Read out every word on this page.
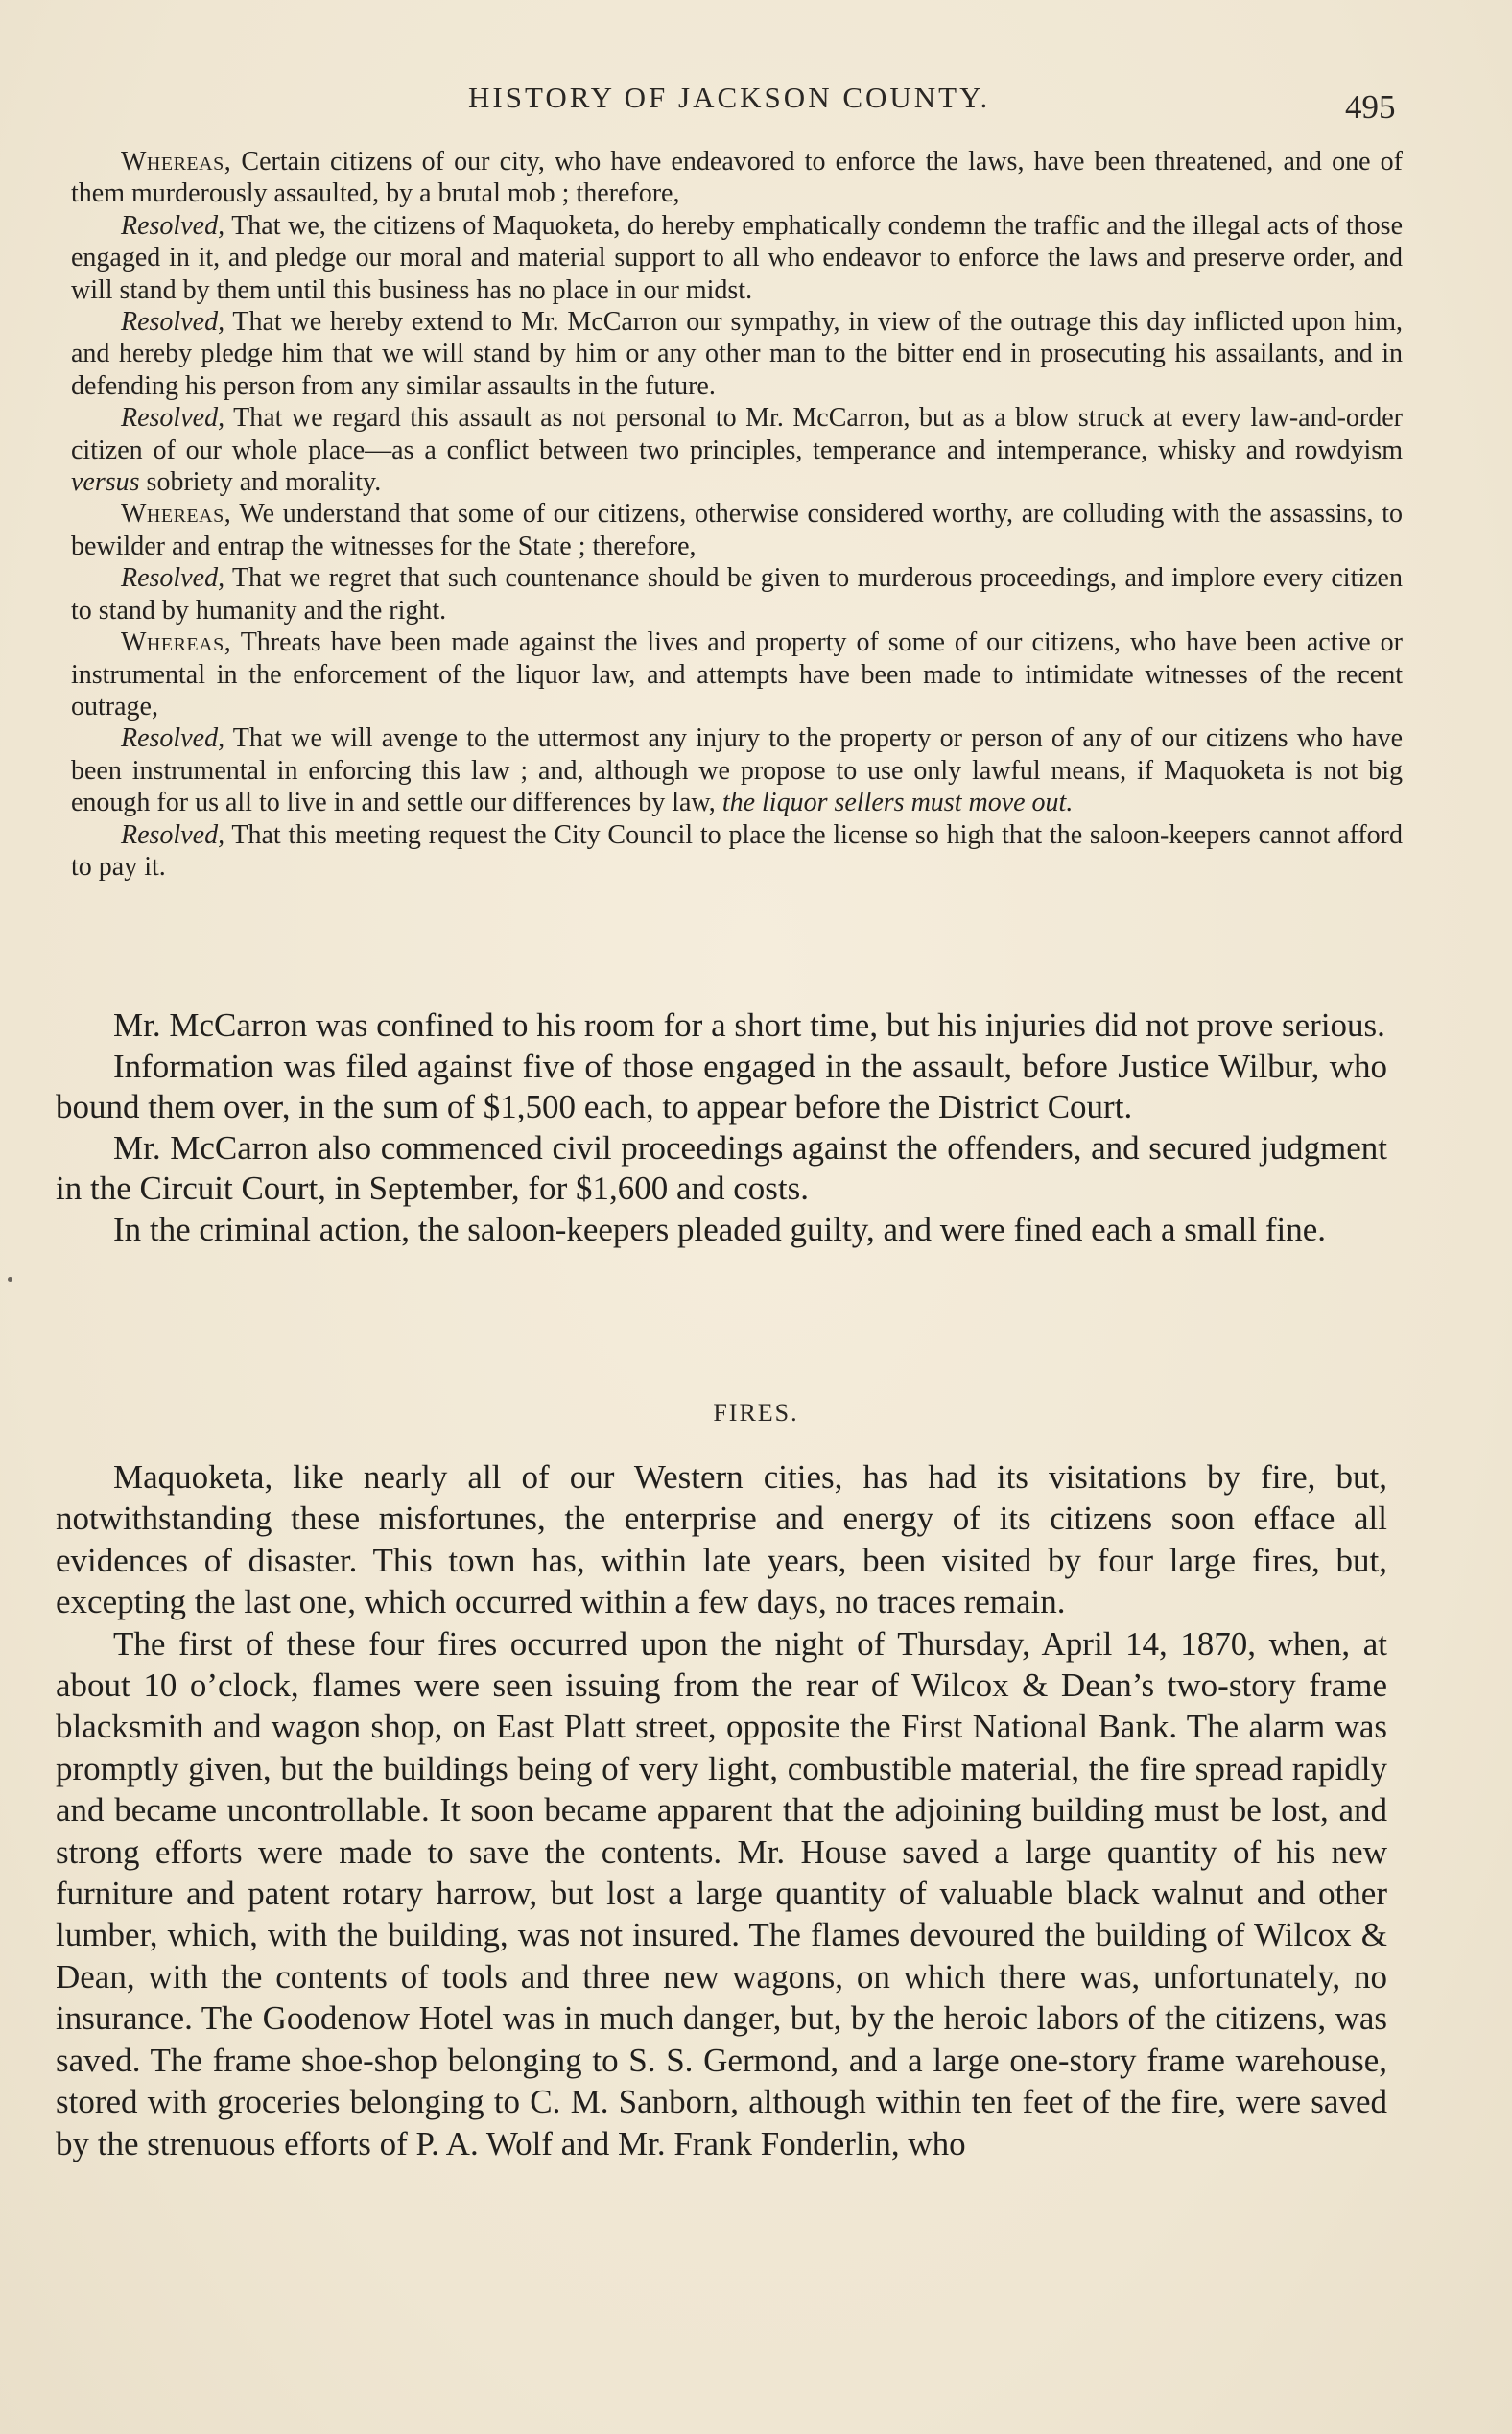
HISTORY OF JACKSON COUNTY.	495

Whereas, Certain citizens of our city, who have endeavored to enforce the laws, have been threatened, and one of them murderously assaulted, by a brutal mob ; therefore,

Resolved, That we, the citizens of Maquoketa, do hereby emphatically condemn the traffic and the illegal acts of those engaged in it, and pledge our moral and material support to all who endeavor to enforce the laws and preserve order, and will stand by them until this business has no place in our midst.

Resolved, That we hereby extend to Mr. McCarron our sympathy, in view of the outrage this day inflicted upon him, and hereby pledge him that we will stand by him or any other man to the bitter end in prosecuting his assailants, and in defending his person from any similar assaults in the future.

Resolved, That we regard this assault as not personal to Mr. McCarron, but as a blow struck at every law-and-order citizen of our whole place—as a conflict between two principles, temperance and intemperance, whisky and rowdyism versus sobriety and morality.

Whereas, We understand that some of our citizens, otherwise considered worthy, are colluding with the assassins, to bewilder and entrap the witnesses for the State ; therefore,

Resolved, That we regret that such countenance should be given to murderous proceedings, and implore every citizen to stand by humanity and the right.

Whereas, Threats have been made against the lives and property of some of our citizens, who have been active or instrumental in the enforcement of the liquor law, and attempts have been made to intimidate witnesses of the recent outrage,

Resolved, That we will avenge to the uttermost any injury to the property or person of any of our citizens who have been instrumental in enforcing this law ; and, although we propose to use only lawful means, if Maquoketa is not big enough for us all to live in and settle our differences by law, the liquor sellers must move out.

Resolved, That this meeting request the City Council to place the license so high that the saloon-keepers cannot afford to pay it.

Mr. McCarron was confined to his room for a short time, but his injuries did not prove serious.

Information was filed against five of those engaged in the assault, before Justice Wilbur, who bound them over, in the sum of $1,500 each, to appear before the District Court.

Mr. McCarron also commenced civil proceedings against the offenders, and secured judgment in the Circuit Court, in September, for $1,600 and costs.

In the criminal action, the saloon-keepers pleaded guilty, and were fined each a small fine.

FIRES.

Maquoketa, like nearly all of our Western cities, has had its visitations by fire, but, notwithstanding these misfortunes, the enterprise and energy of its citizens soon efface all evidences of disaster. This town has, within late years, been visited by four large fires, but, excepting the last one, which occurred within a few days, no traces remain.

The first of these four fires occurred upon the night of Thursday, April 14, 1870, when, at about 10 o’clock, flames were seen issuing from the rear of Wilcox & Dean’s two-story frame blacksmith and wagon shop, on East Platt street, opposite the First National Bank. The alarm was promptly given, but the buildings being of very light, combustible material, the fire spread rapidly and became uncontrollable. It soon became apparent that the adjoining building must be lost, and strong efforts were made to save the contents. Mr. House saved a large quantity of his new furniture and patent rotary harrow, but lost a large quantity of valuable black walnut and other lumber, which, with the building, was not insured. The flames devoured the building of Wilcox & Dean, with the contents of tools and three new wagons, on which there was, unfortunately, no insurance. The Goodenow Hotel was in much danger, but, by the heroic labors of the citizens, was saved. The frame shoe-shop belonging to S. S. Germond, and a large one-story frame warehouse, stored with groceries belonging to C. M. Sanborn, although within ten feet of the fire, were saved by the strenuous efforts of P. A. Wolf and Mr. Frank Fonderlin, who
